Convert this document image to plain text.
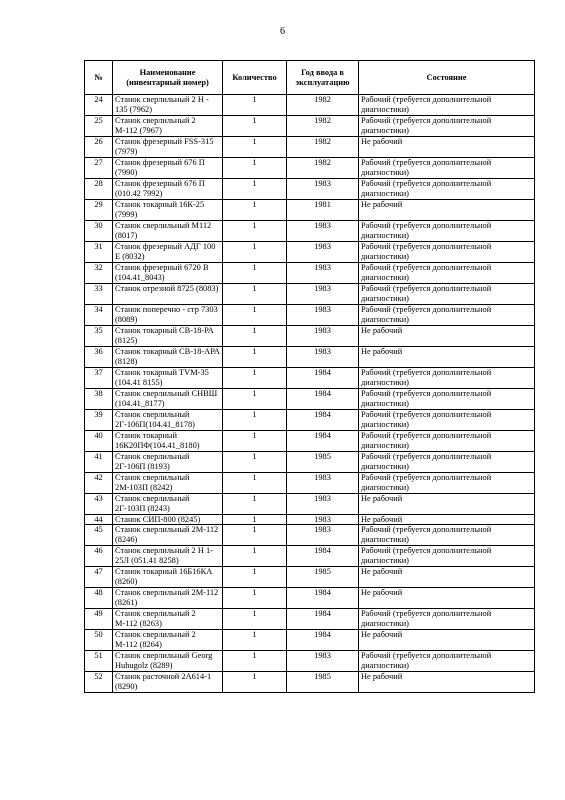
6
№	Наименование (инвентарный номер)	Количество	Год ввода в эксплуатацию	Состояние
24	Станок сверлильный 2 Н - 135 (7962)	1	1982	Рабочий (требуется дополнительной диагностики)
25	Станок сверлильный 2 М-112 (7967)	1	1982	Рабочий (требуется дополнительной диагностики)
26	Станок фрезерный FSS-315 (7979)	1	1982	Не рабочий
27	Станок фрезерный 676 П (7990)	1	1982	Рабочий (требуется дополнительной диагностики)
28	Станок фрезерный 676 П (010.42 7992)	1	1983	Рабочий (требуется дополнительной диагностики)
29	Станок токарный 16К-25 (7999)	1	1981	Не рабочий
30	Станок сверлильный М112 (8017)	1	1983	Рабочий (требуется дополнительной диагностики)
31	Станок фрезерный АДГ 100 Е (8032)	1	1983	Рабочий (требуется дополнительной диагностики)
32	Станок фрезерный 6720 В (104.41_8043)	1	1983	Рабочий (требуется дополнительной диагностики)
33	Станок отрезной 8725 (8083)	1	1983	Рабочий (требуется дополнительной диагностики)
34	Станок поперечно - стр 7303 (8089)	1	1983	Рабочий (требуется дополнительной диагностики)
35	Станок токарный СВ-18-РА (8125)	1	1983	Не рабочий
36	Станок токарный СВ-18-АРА (8128)	1	1983	Не рабочий
37	Станок токарный TVM-35 (104.41 8155)	1	1984	Рабочий (требуется дополнительной диагностики)
38	Станок сверлильный СНВШ (104.41_8177)	1	1984	Рабочий (требуется дополнительной диагностики)
39	Станок сверлильный 2Г-106П(104.41_8178)	1	1984	Рабочий (требуется дополнительной диагностики)
40	Станок токарный 16К20ПФ(104.41_8180)	1	1984	Рабочий (требуется дополнительной диагностики)
41	Станок сверлильный 2Г-106П (8193)	1	1985	Рабочий (требуется дополнительной диагностики)
42	Станок сверлильный 2М-103П (8242)	1	1983	Рабочий (требуется дополнительной диагностики)
43	Станок сверлильный 2Г-103П (8243)	1	1983	Не рабочий
44	Станок СИП-800 (8245)	1	1983	Не рабочий
45	Станок сверлильный 2М-112 (8246)	1	1983	Рабочий (требуется дополнительной диагностики)
46	Станок сверлильный 2 Н 1-25Л (051.41 8258)	1	1984	Рабочий (требуется дополнительной диагностики)
47	Станок токарный 16Б16КА (8260)	1	1985	Не рабочий
48	Станок сверлильный 2М-112 (8261)	1	1984	Не рабочий
49	Станок сверлильный 2 М-112 (8263)	1	1984	Рабочий (требуется дополнительной диагностики)
50	Станок сверлильный 2 М-112 (8264)	1	1984	Не рабочий
51	Станок сверлильный Georg Huhugolz (8289)	1	1983	Рабочий (требуется дополнительной диагностики)
52	Станок расточной 2А614-1 (8290)	1	1985	Не рабочий
